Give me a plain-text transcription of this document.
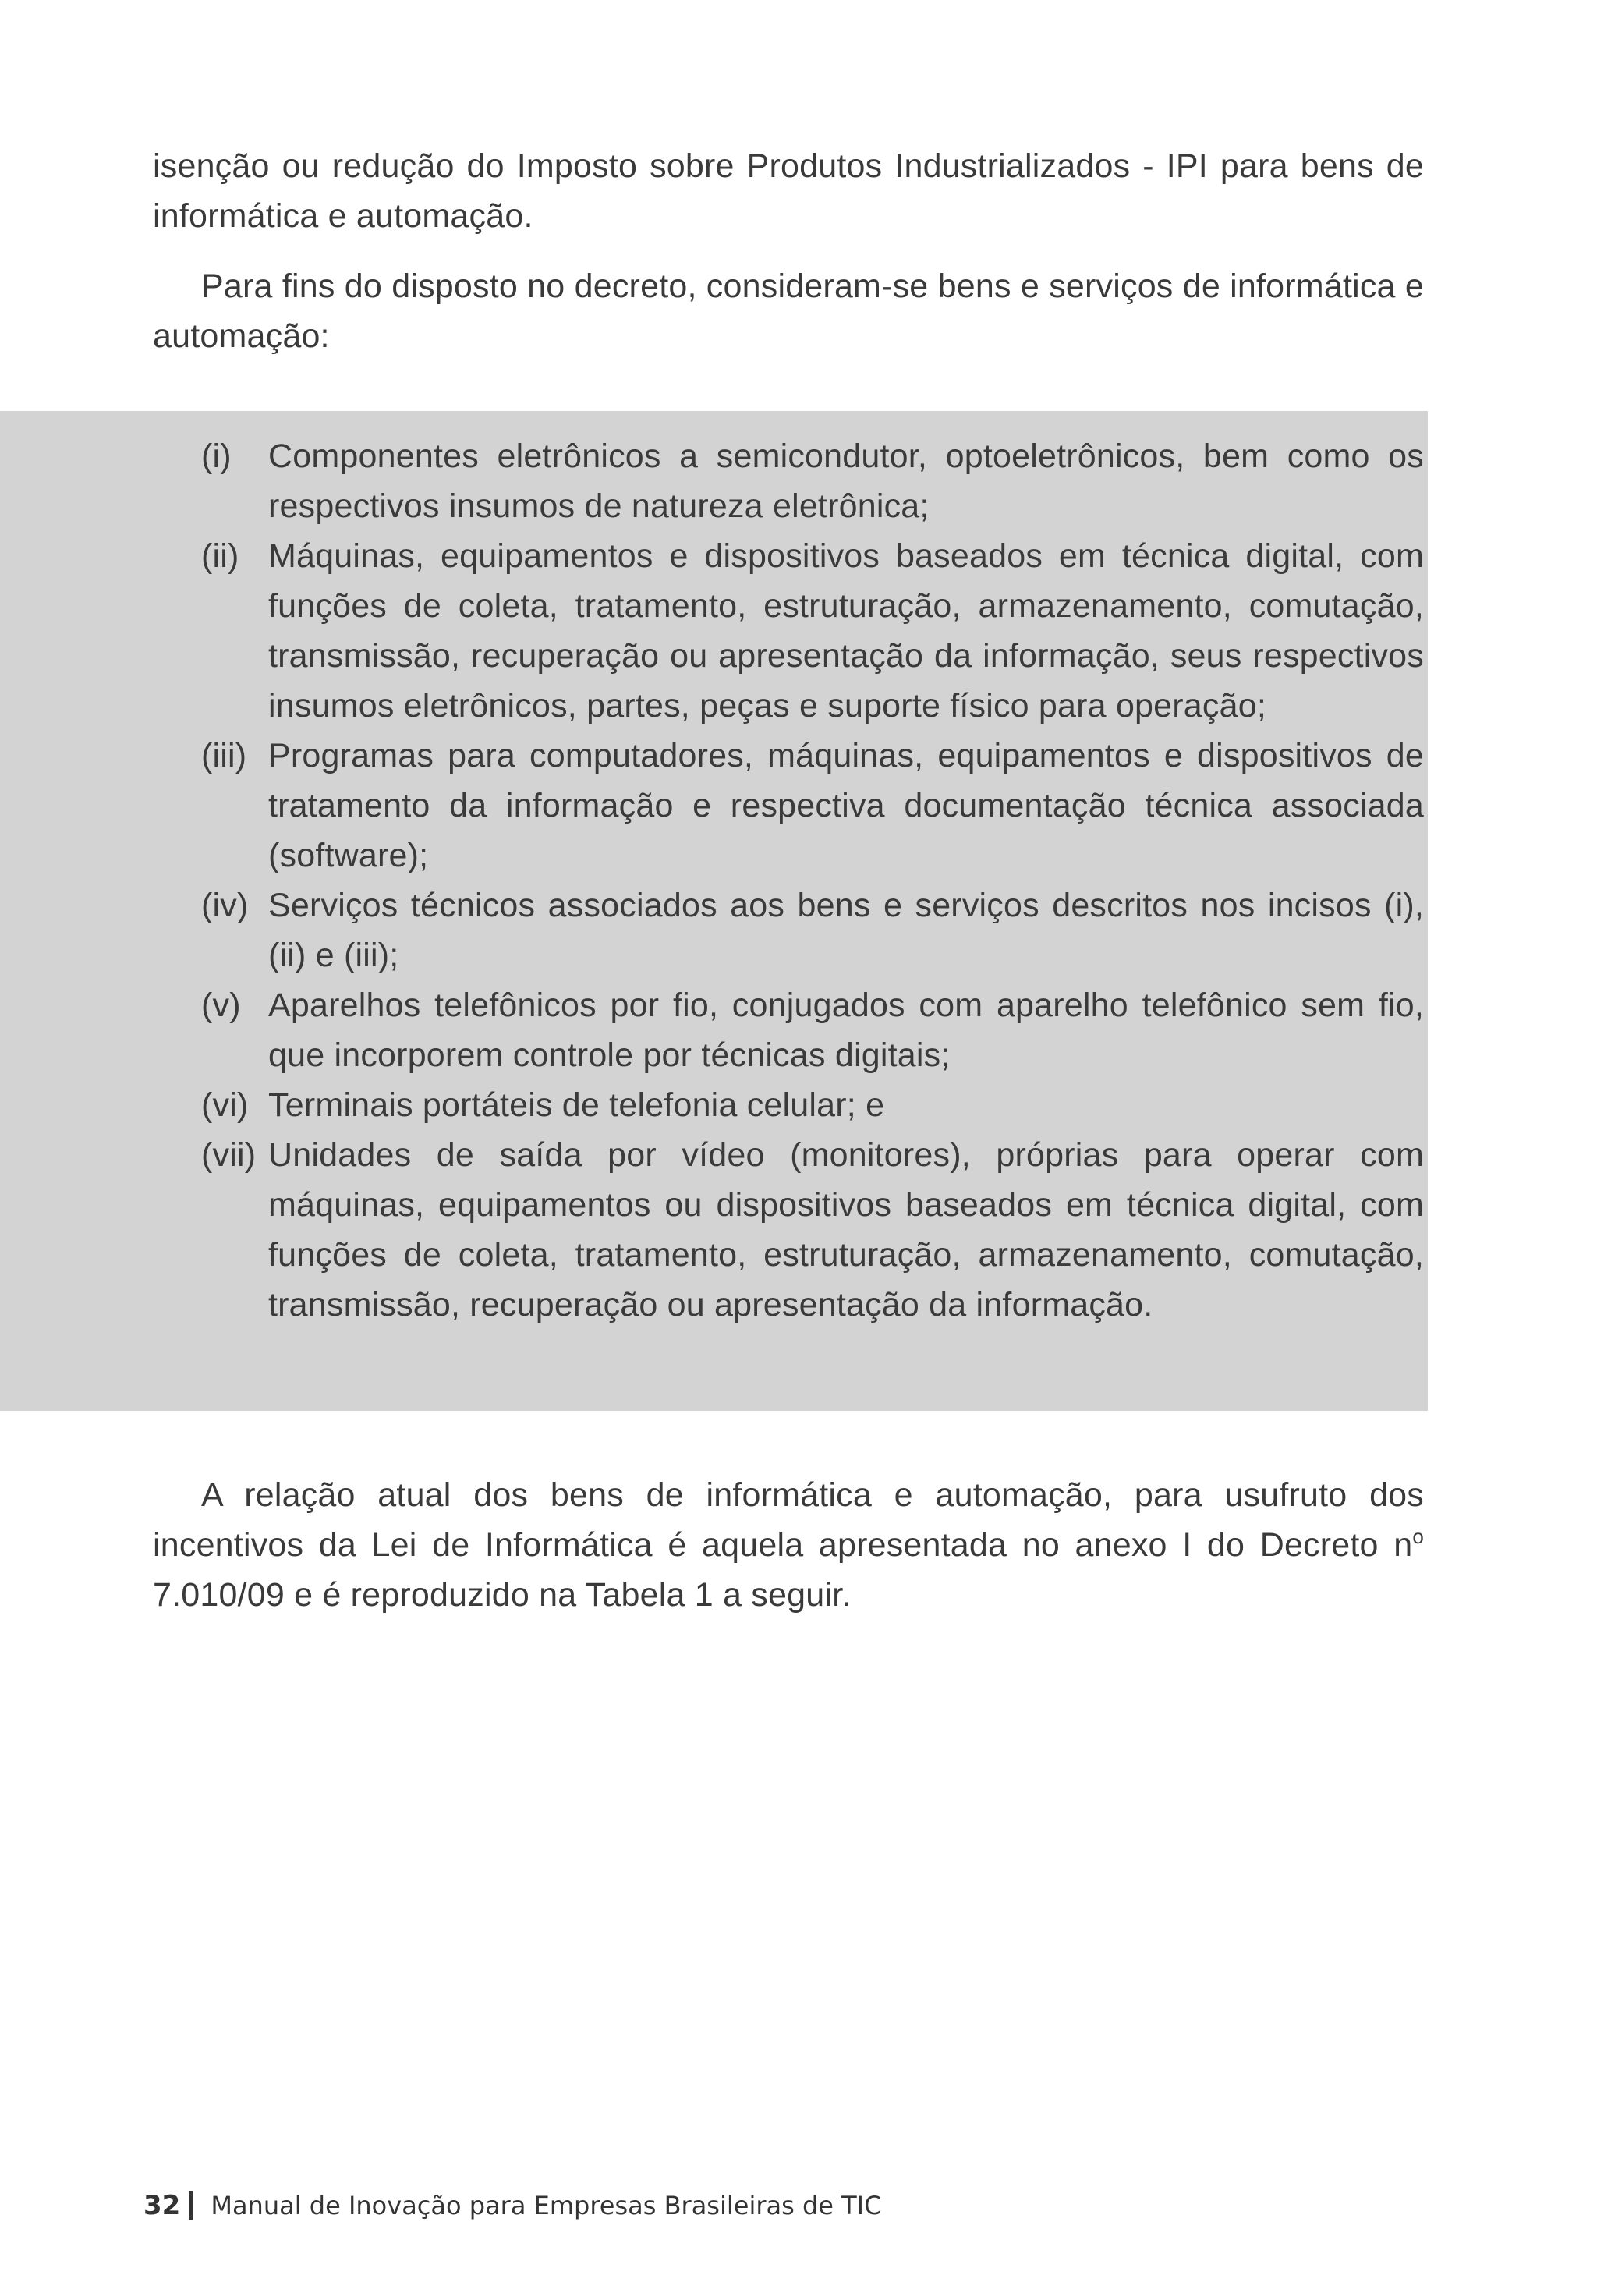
isenção ou redução do Imposto sobre Produtos Industrializados - IPI para bens de informática e automação.

Para fins do disposto no decreto, consideram-se bens e serviços de informática e automação:

(i)	Componentes eletrônicos a semicondutor, optoeletrônicos, bem como os respectivos insumos de natureza eletrônica;
(ii) Máquinas, equipamentos e dispositivos baseados em técnica digital, com funções de coleta, tratamento, estruturação, armazenamento, comutação, transmissão, recuperação ou apresentação da informação, seus respectivos insumos eletrônicos, partes, peças e suporte físico para operação;
(iii) Programas para computadores, máquinas, equipamentos e dispositivos de tratamento da informação e respectiva documentação técnica associada (software);
(iv) Serviços técnicos associados aos bens e serviços descritos nos incisos (i), (ii) e (iii);
(v) Aparelhos telefônicos por fio, conjugados com aparelho telefônico sem fio, que incorporem controle por técnicas digitais;
(vi) Terminais portáteis de telefonia celular; e
(vii) Unidades de saída por vídeo (monitores), próprias para operar com máquinas, equipamentos ou dispositivos baseados em técnica digital, com funções de coleta, tratamento, estruturação, armazenamento, comutação, transmissão, recuperação ou apresentação da informação.

A relação atual dos bens de informática e automação, para usufruto dos incentivos da Lei de Informática é aquela apresentada no anexo I do Decreto $n^o$ 7.010/09 e é reproduzido na Tabela 1 a seguir.

32 Manual de Inovação para Empresas Brasileiras de TIC
